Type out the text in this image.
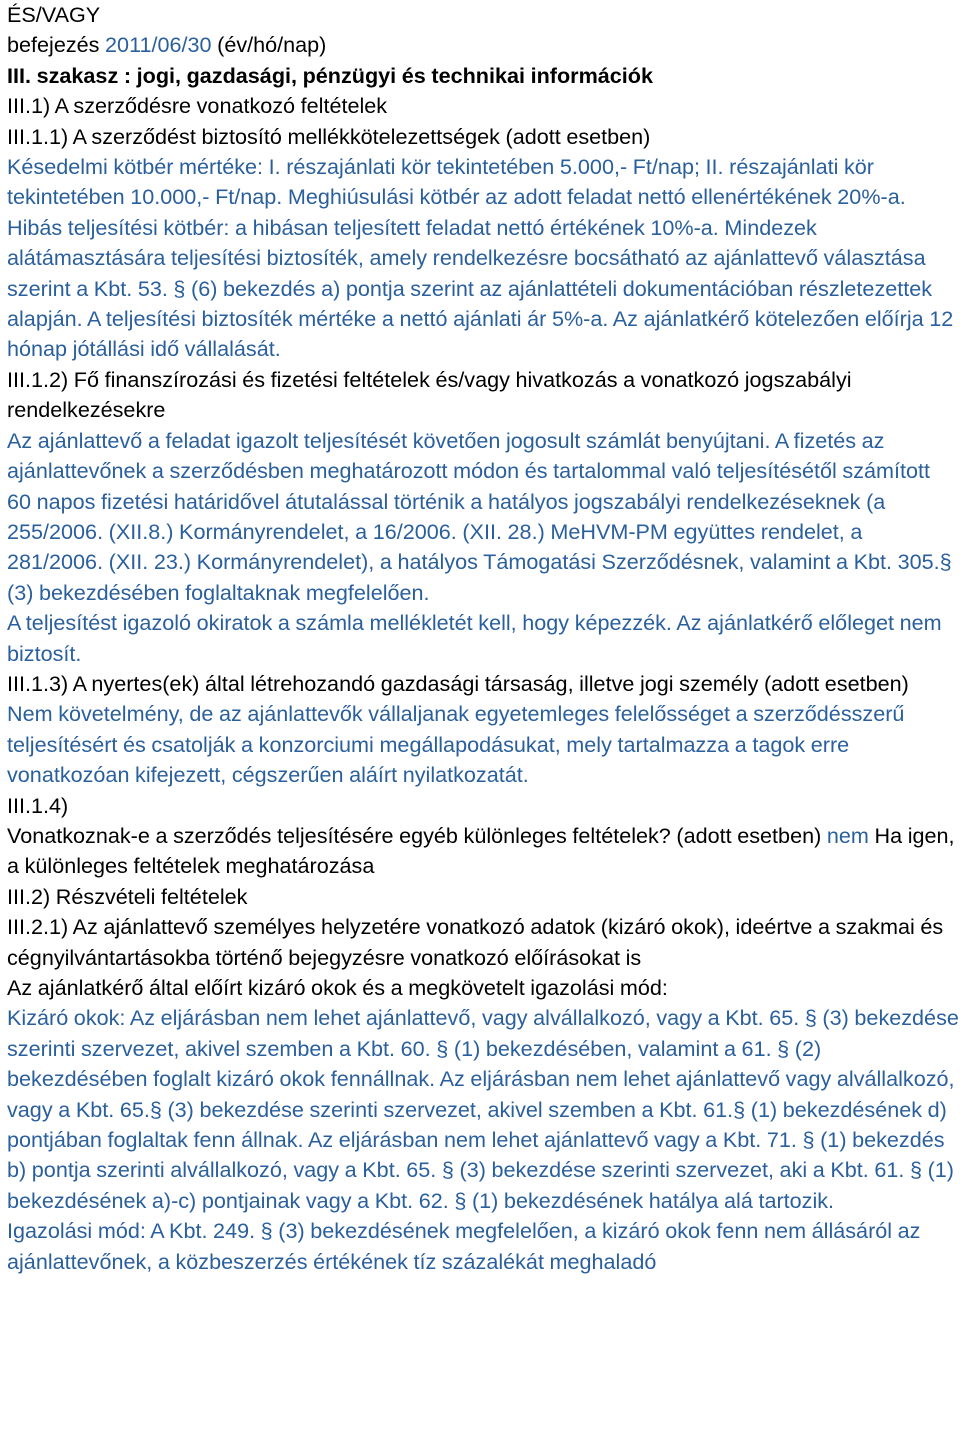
ÉS/VAGY

befejezés 2011/06/30 (év/hó/nap)

III. szakasz : jogi, gazdasági, pénzügyi és technikai információk

III.1) A szerződésre vonatkozó feltételek

III.1.1) A szerződést biztosító mellékkötelezettségek (adott esetben)

Késedelmi kötbér mértéke: I. részajánlati kör tekintetében 5.000,- Ft/nap; II. részajánlati kör tekintetében 10.000,- Ft/nap. Meghiúsulási kötbér az adott feladat nettó ellenértékének 20%-a. Hibás teljesítési kötbér: a hibásan teljesített feladat nettó értékének 10%-a. Mindezek alátámasztására teljesítési biztosíték, amely rendelkezésre bocsátható az ajánlattevő választása szerint a Kbt. 53. § (6) bekezdés a) pontja szerint az ajánlattételi dokumentációban részletezettek alapján. A teljesítési biztosíték mértéke a nettó ajánlati ár 5%-a. Az ajánlatkérő kötelezően előírja 12 hónap jótállási idő vállalását.

III.1.2) Fő finanszírozási és fizetési feltételek és/vagy hivatkozás a vonatkozó jogszabályi rendelkezésekre

Az ajánlattevő a feladat igazolt teljesítését követően jogosult számlát benyújtani. A fizetés az ajánlattevőnek a szerződésben meghatározott módon és tartalommal való teljesítésétől számított 60 napos fizetési határidővel átutalással történik a hatályos jogszabályi rendelkezéseknek (a 255/2006. (XII.8.) Kormányrendelet, a 16/2006. (XII. 28.) MeHVM-PM együttes rendelet, a 281/2006. (XII. 23.) Kormányrendelet), a hatályos Támogatási Szerződésnek, valamint a Kbt. 305.§ (3) bekezdésében foglaltaknak megfelelően.

A teljesítést igazoló okiratok a számla mellékletét kell, hogy képezzék. Az ajánlatkérő előleget nem biztosít.

III.1.3) A nyertes(ek) által létrehozandó gazdasági társaság, illetve jogi személy (adott esetben)

Nem követelmény, de az ajánlattevők vállaljanak egyetemleges felelősséget a szerződésszerű teljesítésért és csatolják a konzorciumi megállapodásukat, mely tartalmazza a tagok erre vonatkozóan kifejezett, cégszerűen aláírt nyilatkozatát.

III.1.4)

Vonatkoznak-e a szerződés teljesítésére egyéb különleges feltételek? (adott esetben) nem Ha igen, a különleges feltételek meghatározása

III.2) Részvételi feltételek

III.2.1) Az ajánlattevő személyes helyzetére vonatkozó adatok (kizáró okok), ideértve a szakmai és cégnyilvántartásokba történő bejegyzésre vonatkozó előírásokat is

Az ajánlatkérő által előírt kizáró okok és a megkövetelt igazolási mód:

Kizáró okok: Az eljárásban nem lehet ajánlattevő, vagy alvállalkozó, vagy a Kbt. 65. § (3) bekezdése szerinti szervezet, akivel szemben a Kbt. 60. § (1) bekezdésében, valamint a 61. § (2) bekezdésében foglalt kizáró okok fennállnak. Az eljárásban nem lehet ajánlattevő vagy alvállalkozó, vagy a Kbt. 65.§ (3) bekezdése szerinti szervezet, akivel szemben a Kbt. 61.§ (1) bekezdésének d) pontjában foglaltak fenn állnak. Az eljárásban nem lehet ajánlattevő vagy a Kbt. 71. § (1) bekezdés b) pontja szerinti alvállalkozó, vagy a Kbt. 65. § (3) bekezdése szerinti szervezet, aki a Kbt. 61. § (1) bekezdésének a)-c) pontjainak vagy a Kbt. 62. § (1) bekezdésének hatálya alá tartozik.

Igazolási mód: A Kbt. 249. § (3) bekezdésének megfelelően, a kizáró okok fenn nem állásáról az ajánlattevőnek, a közbeszerzés értékének tíz százalékát meghaladó
